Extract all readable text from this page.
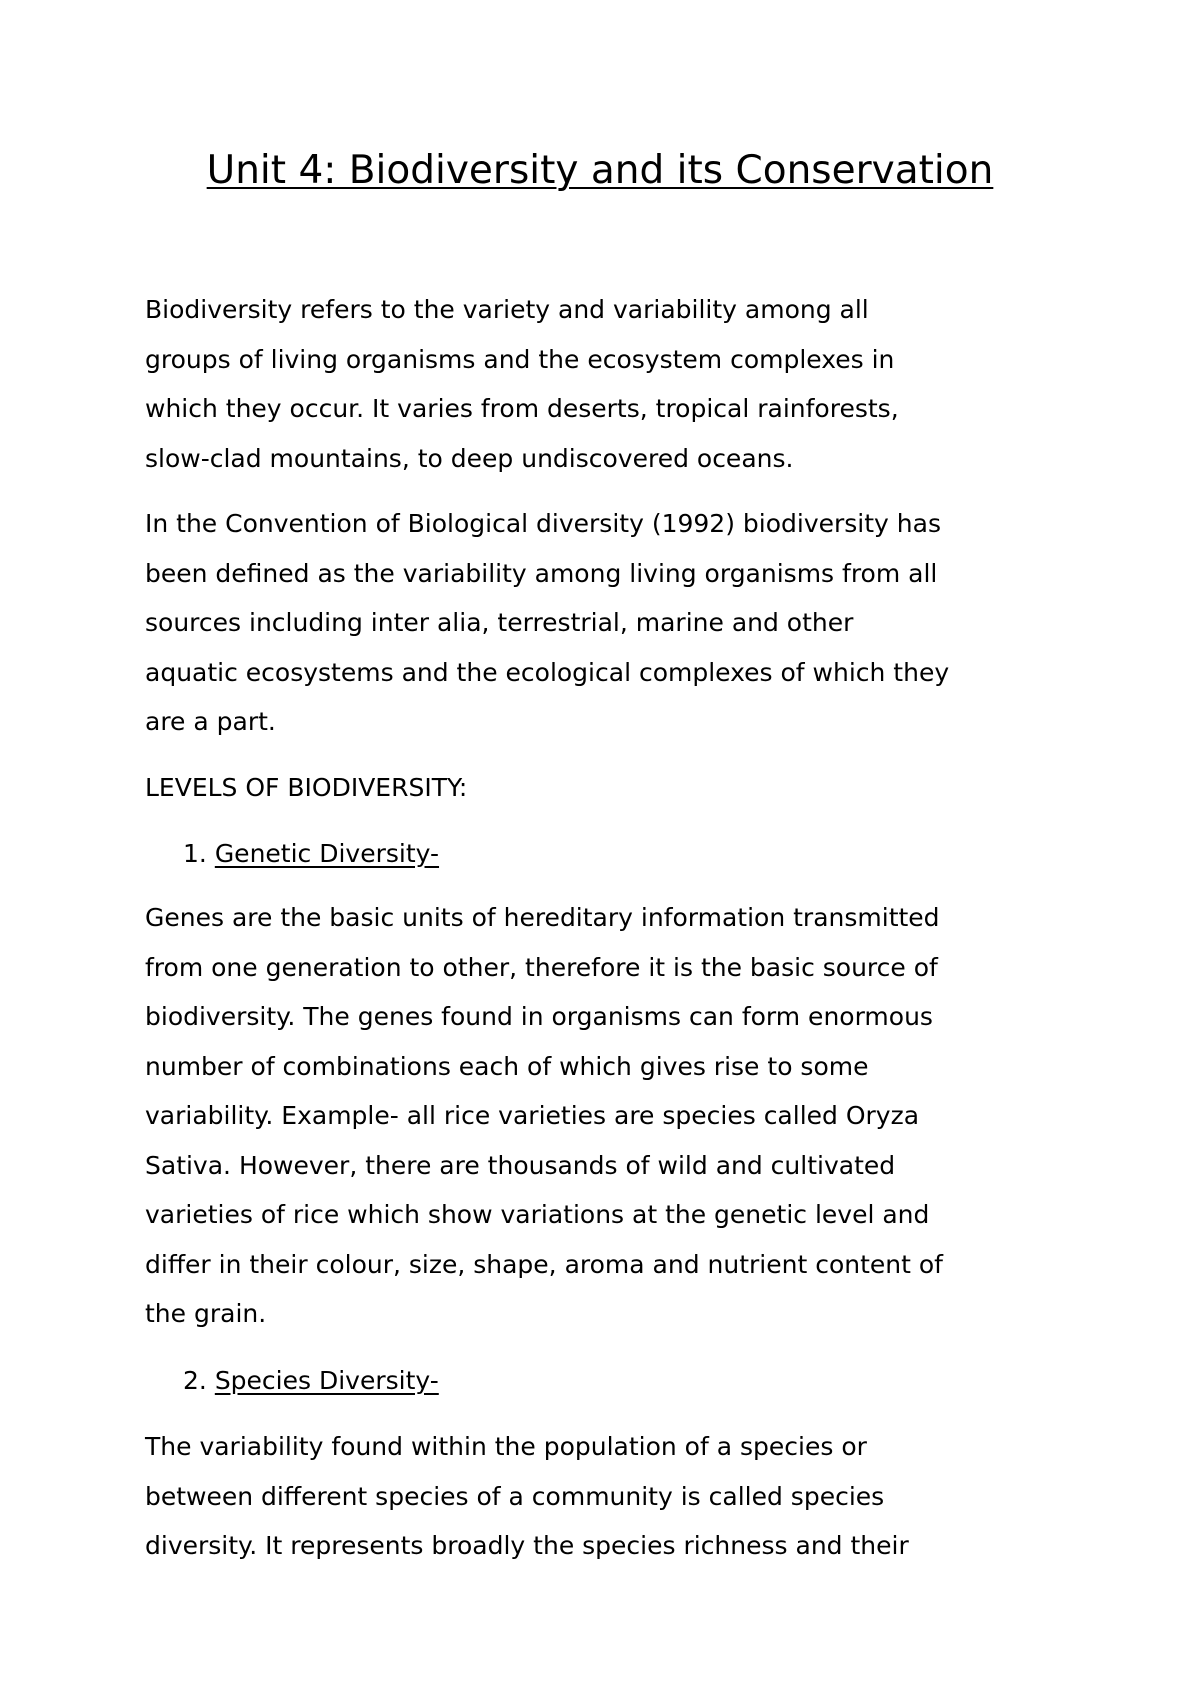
Unit 4: Biodiversity and its Conservation

Biodiversity refers to the variety and variability among all
groups of living organisms and the ecosystem complexes in
which they occur. It varies from deserts, tropical rainforests,
slow-clad mountains, to deep undiscovered oceans.

In the Convention of Biological diversity (1992) biodiversity has
been defined as the variability among living organisms from all
sources including inter alia, terrestrial, marine and other
aquatic ecosystems and the ecological complexes of which they
are a part.

LEVELS OF BIODIVERSITY:

1. Genetic Diversity-

Genes are the basic units of hereditary information transmitted
from one generation to other, therefore it is the basic source of
biodiversity. The genes found in organisms can form enormous
number of combinations each of which gives rise to some
variability. Example- all rice varieties are species called Oryza
Sativa. However, there are thousands of wild and cultivated
varieties of rice which show variations at the genetic level and
differ in their colour, size, shape, aroma and nutrient content of
the grain.

2. Species Diversity-

The variability found within the population of a species or
between different species of a community is called species
diversity. It represents broadly the species richness and their
